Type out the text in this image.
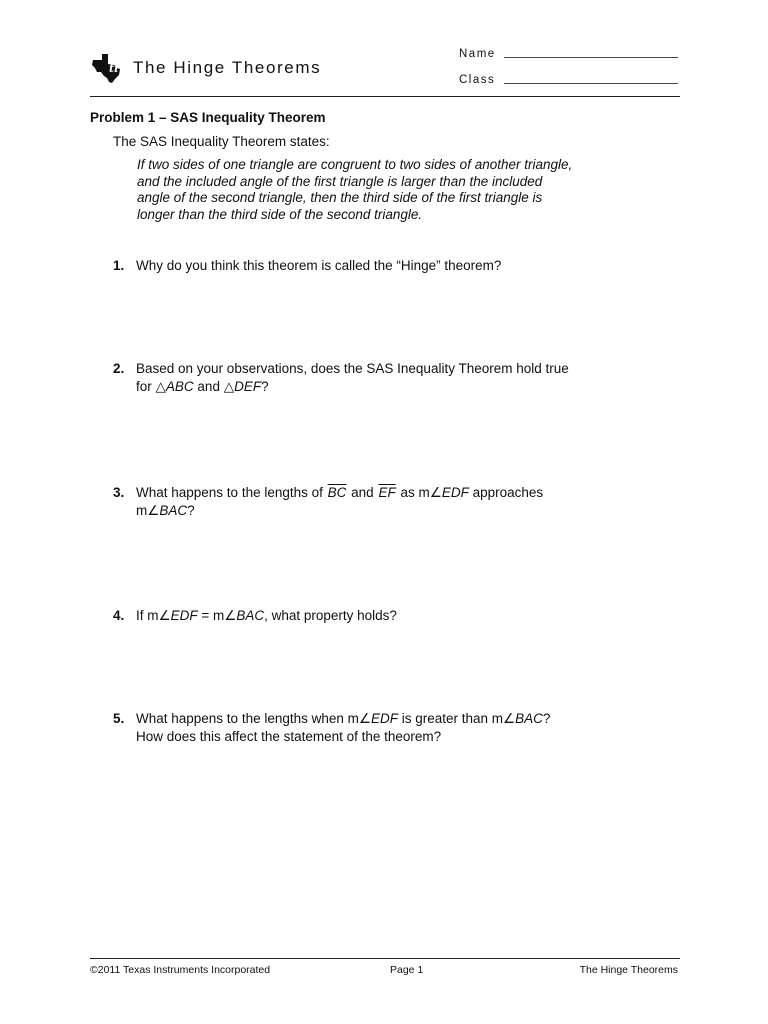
ti The Hinge Theorems
Name
Class
Problem 1 – SAS Inequality Theorem
The SAS Inequality Theorem states:
If two sides of one triangle are congruent to two sides of another triangle,
and the included angle of the first triangle is larger than the included
angle of the second triangle, then the third side of the first triangle is
longer than the third side of the second triangle.
1. Why do you think this theorem is called the “Hinge” theorem?
2. Based on your observations, does the SAS Inequality Theorem hold true
for △ABC and △DEF?
3. What happens to the lengths of $\overline{BC}$ and $\overline{EF}$ as m∠EDF approaches
m∠BAC?
4. If m∠EDF = m∠BAC, what property holds?
5. What happens to the lengths when m∠EDF is greater than m∠BAC?
How does this affect the statement of the theorem?
©2011 Texas Instruments Incorporated	Page 1	The Hinge Theorems
